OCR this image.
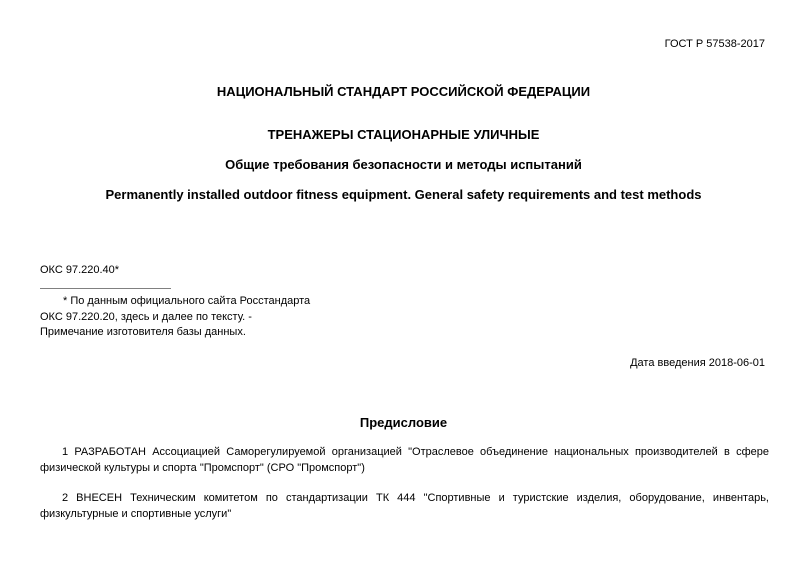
ГОСТ Р 57538-2017
НАЦИОНАЛЬНЫЙ СТАНДАРТ РОССИЙСКОЙ ФЕДЕРАЦИИ
ТРЕНАЖЕРЫ СТАЦИОНАРНЫЕ УЛИЧНЫЕ
Общие требования безопасности и методы испытаний
Permanently installed outdoor fitness equipment. General safety requirements and test methods
ОКС 97.220.40*
* По данным официального сайта Росстандарта
ОКС 97.220.20, здесь и далее по тексту. -
Примечание изготовителя базы данных.
Дата введения 2018-06-01
Предисловие

1 РАЗРАБОТАН Ассоциацией Саморегулируемой организацией "Отраслевое объединение национальных производителей в сфере физической культуры и спорта "Промспорт" (СРО "Промспорт")

2 ВНЕСЕН Техническим комитетом по стандартизации ТК 444 "Спортивные и туристские изделия, оборудование, инвентарь, физкультурные и спортивные услуги"
